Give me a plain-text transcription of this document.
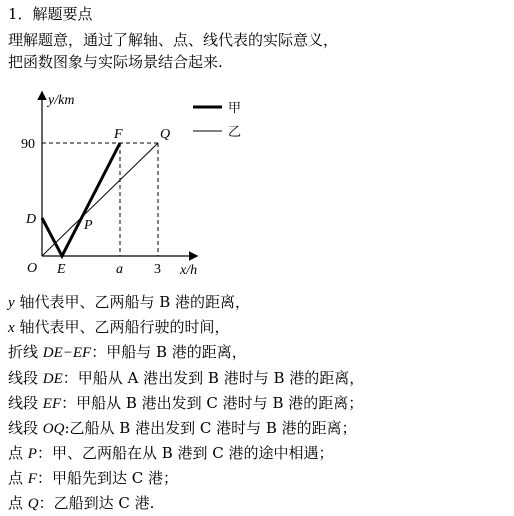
1．解题要点
理解题意，通过了解轴、点、线代表的实际意义，
把函数图象与实际场景结合起来.
y/km
x/h
O
90
a 3
D
E
F
P
Q
甲
乙
y 轴代表甲、乙两船与 B 港的距离，
x 轴代表甲、乙两船行驶的时间，
折线 DE−EF：甲船与 B 港的距离，
线段 DE：甲船从 A 港出发到 B 港时与 B 港的距离，
线段 EF：甲船从 B 港出发到 C 港时与 B 港的距离；
线段 OQ:乙船从 B 港出发到 C 港时与 B 港的距离；
点 P：甲、乙两船在从 B 港到 C 港的途中相遇；
点 F：甲船先到达 C 港；
点 Q：乙船到达 C 港.
